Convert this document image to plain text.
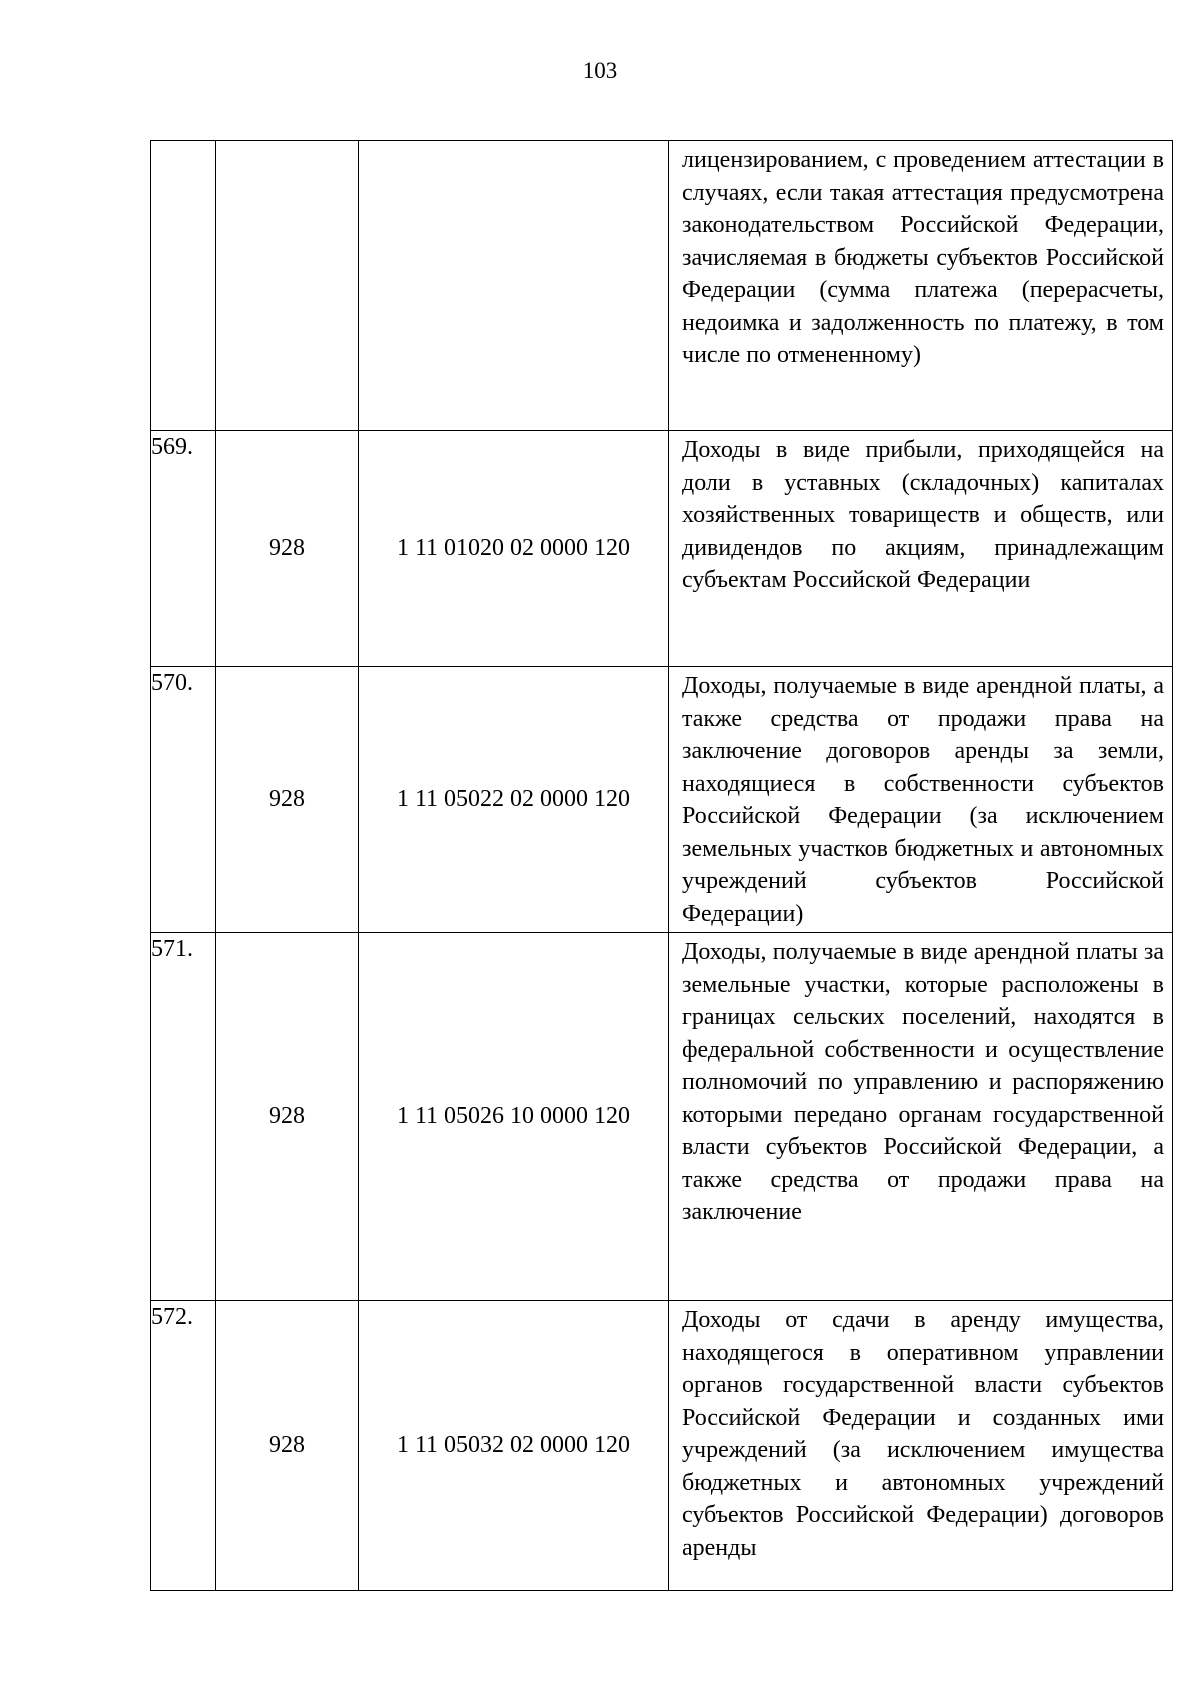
103
			лицензированием, с проведением аттестации в случаях, если такая аттестация предусмотрена законодательством Российской Федерации, зачисляемая в бюджеты субъектов Российской Федерации (сумма платежа (перерасчеты, недоимка и задолженность по платежу, в том числе по отмененному)
569.	928	1 11 01020 02 0000 120	Доходы в виде прибыли, приходящейся на доли в уставных (складочных) капиталах хозяйственных товариществ и обществ, или дивидендов по акциям, принадлежащим субъектам Российской Федерации
570.	928	1 11 05022 02 0000 120	Доходы, получаемые в виде арендной платы, а также средства от продажи права на заключение договоров аренды за земли, находящиеся в собственности субъектов Российской Федерации (за исключением земельных участков бюджетных и автономных учреждений субъектов Российской Федерации)
571.	928	1 11 05026 10 0000 120	Доходы, получаемые в виде арендной платы за земельные участки, которые расположены в границах сельских поселений, находятся в федеральной собственности и осуществление полномочий по управлению и распоряжению которыми передано органам государственной власти субъектов Российской Федерации, а также средства от продажи права на заключение
572.	928	1 11 05032 02 0000 120	Доходы от сдачи в аренду имущества, находящегося в оперативном управлении органов государственной власти субъектов Российской Федерации и созданных ими учреждений (за исключением имущества бюджетных и автономных учреждений субъектов Российской Федерации) договоров аренды
